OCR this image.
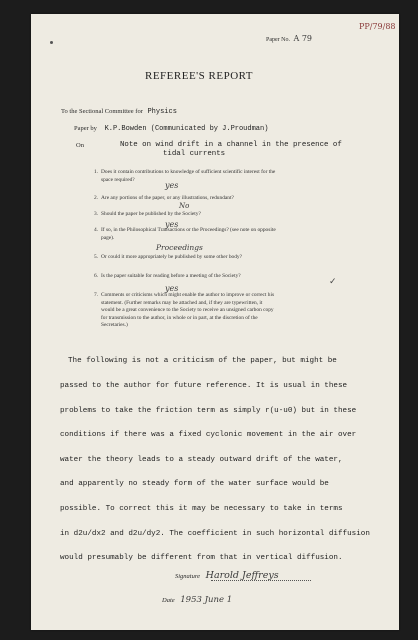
PP/79/88
Paper No. A 79
REFEREE'S REPORT
To the Sectional Committee for Physics
Paper by K.P.Bowden (Communicated by J.Proudman)
On	Note on wind drift in a channel in the presence of
tidal currents
1. Does it contain contributions to knowledge of sufficient scientific interest for the
space required?
yes
2. Are any portions of the paper, or any illustrations, redundant?
No
3. Should the paper be published by the Society?
yes
4. If so, in the Philosophical Transactions or the Proceedings? (see note on opposite
page).
Proceedings
5. Or could it more appropriately be published by some other body?
6. Is the paper suitable for reading before a meeting of the Society?
✓
7. Comments or criticisms which might enable the author to improve or correct his
statement. (Further remarks may be attached and, if they are typewritten, it
would be a great convenience to the Society to receive an unsigned carbon copy
for transmission to the author, in whole or in part, at the discretion of the
Secretaries.)
yes

The following is not a criticism of the paper, but might be

passed to the author for future reference. It is usual in these

problems to take the friction term as simply r(u-u0) but in these

conditions if there was a fixed cyclonic movement in the air over

water the theory leads to a steady outward drift of the water,

and apparently no steady form of the water surface would be

possible. To correct this it may be necessary to take in terms

in d2u/dx2 and d2u/dy2. The coefficient in such horizontal diffusion

would presumably be different from that in vertical diffusion.

Signature Harold Jeffreys
Date 1953 June 1
